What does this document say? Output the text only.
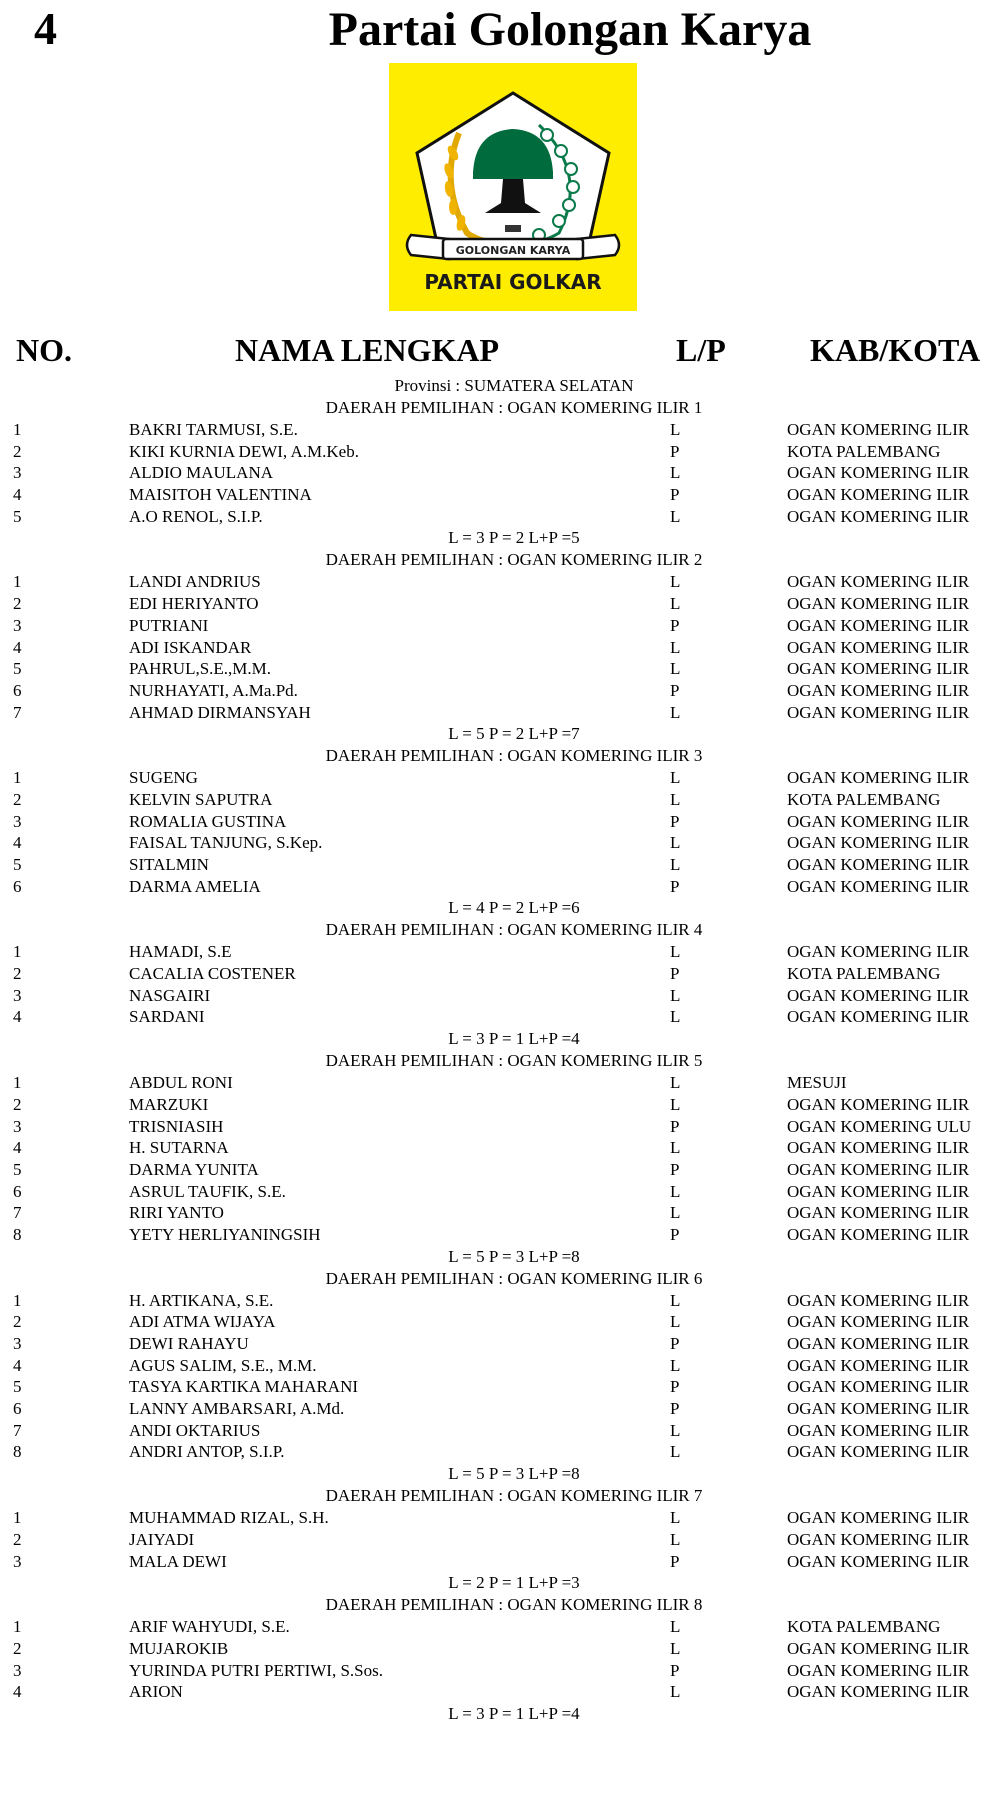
4	Partai Golongan Karya
GOLONGAN KARYA
PARTAI GOLKAR
NO.	NAMA LENGKAP	L/P	KAB/KOTA
Provinsi : SUMATERA SELATAN
DAERAH PEMILIHAN : OGAN KOMERING ILIR 1
1	BAKRI TARMUSI, S.E.	L	OGAN KOMERING ILIR
2	KIKI KURNIA DEWI, A.M.Keb.	P	KOTA PALEMBANG
3	ALDIO MAULANA	L	OGAN KOMERING ILIR
4	MAISITOH VALENTINA	P	OGAN KOMERING ILIR
5	A.O RENOL, S.I.P.	L	OGAN KOMERING ILIR
L = 3 P = 2 L+P =5
DAERAH PEMILIHAN : OGAN KOMERING ILIR 2
1	LANDI ANDRIUS	L	OGAN KOMERING ILIR
2	EDI HERIYANTO	L	OGAN KOMERING ILIR
3	PUTRIANI	P	OGAN KOMERING ILIR
4	ADI ISKANDAR	L	OGAN KOMERING ILIR
5	PAHRUL,S.E.,M.M.	L	OGAN KOMERING ILIR
6	NURHAYATI, A.Ma.Pd.	P	OGAN KOMERING ILIR
7	AHMAD DIRMANSYAH	L	OGAN KOMERING ILIR
L = 5 P = 2 L+P =7
DAERAH PEMILIHAN : OGAN KOMERING ILIR 3
1	SUGENG	L	OGAN KOMERING ILIR
2	KELVIN SAPUTRA	L	KOTA PALEMBANG
3	ROMALIA GUSTINA	P	OGAN KOMERING ILIR
4	FAISAL TANJUNG, S.Kep.	L	OGAN KOMERING ILIR
5	SITALMIN	L	OGAN KOMERING ILIR
6	DARMA AMELIA	P	OGAN KOMERING ILIR
L = 4 P = 2 L+P =6
DAERAH PEMILIHAN : OGAN KOMERING ILIR 4
1	HAMADI, S.E	L	OGAN KOMERING ILIR
2	CACALIA COSTENER	P	KOTA PALEMBANG
3	NASGAIRI	L	OGAN KOMERING ILIR
4	SARDANI	L	OGAN KOMERING ILIR
L = 3 P = 1 L+P =4
DAERAH PEMILIHAN : OGAN KOMERING ILIR 5
1	ABDUL RONI	L	MESUJI
2	MARZUKI	L	OGAN KOMERING ILIR
3	TRISNIASIH	P	OGAN KOMERING ULU
4	H. SUTARNA	L	OGAN KOMERING ILIR
5	DARMA YUNITA	P	OGAN KOMERING ILIR
6	ASRUL TAUFIK, S.E.	L	OGAN KOMERING ILIR
7	RIRI YANTO	L	OGAN KOMERING ILIR
8	YETY HERLIYANINGSIH	P	OGAN KOMERING ILIR
L = 5 P = 3 L+P =8
DAERAH PEMILIHAN : OGAN KOMERING ILIR 6
1	H. ARTIKANA, S.E.	L	OGAN KOMERING ILIR
2	ADI ATMA WIJAYA	L	OGAN KOMERING ILIR
3	DEWI RAHAYU	P	OGAN KOMERING ILIR
4	AGUS SALIM, S.E., M.M.	L	OGAN KOMERING ILIR
5	TASYA KARTIKA MAHARANI	P	OGAN KOMERING ILIR
6	LANNY AMBARSARI, A.Md.	P	OGAN KOMERING ILIR
7	ANDI OKTARIUS	L	OGAN KOMERING ILIR
8	ANDRI ANTOP, S.I.P.	L	OGAN KOMERING ILIR
L = 5 P = 3 L+P =8
DAERAH PEMILIHAN : OGAN KOMERING ILIR 7
1	MUHAMMAD RIZAL, S.H.	L	OGAN KOMERING ILIR
2	JAIYADI	L	OGAN KOMERING ILIR
3	MALA DEWI	P	OGAN KOMERING ILIR
L = 2 P = 1 L+P =3
DAERAH PEMILIHAN : OGAN KOMERING ILIR 8
1	ARIF WAHYUDI, S.E.	L	KOTA PALEMBANG
2	MUJAROKIB	L	OGAN KOMERING ILIR
3	YURINDA PUTRI PERTIWI, S.Sos.	P	OGAN KOMERING ILIR
4	ARION	L	OGAN KOMERING ILIR
L = 3 P = 1 L+P =4
